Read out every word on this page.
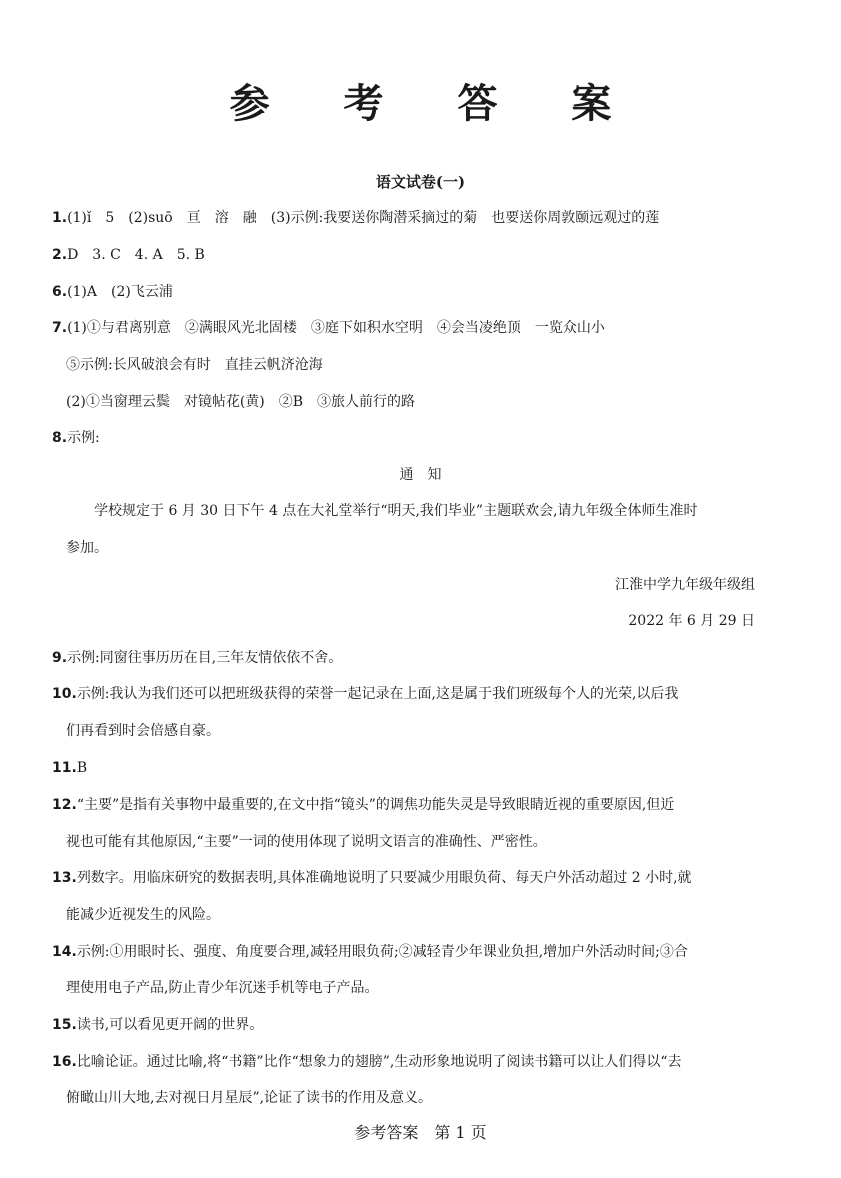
参 考 答 案
语文试卷(一)
1.(1)ǐ　5　(2)suō　亘　溶　融　(3)示例:我要送你陶潜采摘过的菊　也要送你周敦颐远观过的莲
2.D　3. C　4. A　5. B
6.(1)A　(2)飞云浦
7.(1)①与君离别意　②满眼风光北固楼　③庭下如积水空明　④会当凌绝顶　一览众山小
⑤示例:长风破浪会有时　直挂云帆济沧海
(2)①当窗理云鬓　对镜帖花(黄)　②B　③旅人前行的路
8.示例:
通　知
学校规定于 6 月 30 日下午 4 点在大礼堂举行“明天,我们毕业”主题联欢会,请九年级全体师生准时
参加。
江淮中学九年级年级组
2022 年 6 月 29 日
9.示例:同窗往事历历在目,三年友情依依不舍。
10.示例:我认为我们还可以把班级获得的荣誉一起记录在上面,这是属于我们班级每个人的光荣,以后我
们再看到时会倍感自豪。
11.B
12.“主要”是指有关事物中最重要的,在文中指“镜头”的调焦功能失灵是导致眼睛近视的重要原因,但近
视也可能有其他原因,“主要”一词的使用体现了说明文语言的准确性、严密性。
13.列数字。用临床研究的数据表明,具体准确地说明了只要减少用眼负荷、每天户外活动超过 2 小时,就
能减少近视发生的风险。
14.示例:①用眼时长、强度、角度要合理,减轻用眼负荷;②减轻青少年课业负担,增加户外活动时间;③合
理使用电子产品,防止青少年沉迷手机等电子产品。
15.读书,可以看见更开阔的世界。
16.比喻论证。通过比喻,将“书籍”比作“想象力的翅膀”,生动形象地说明了阅读书籍可以让人们得以“去
俯瞰山川大地,去对视日月星辰”,论证了读书的作用及意义。
参考答案　第 1 页
